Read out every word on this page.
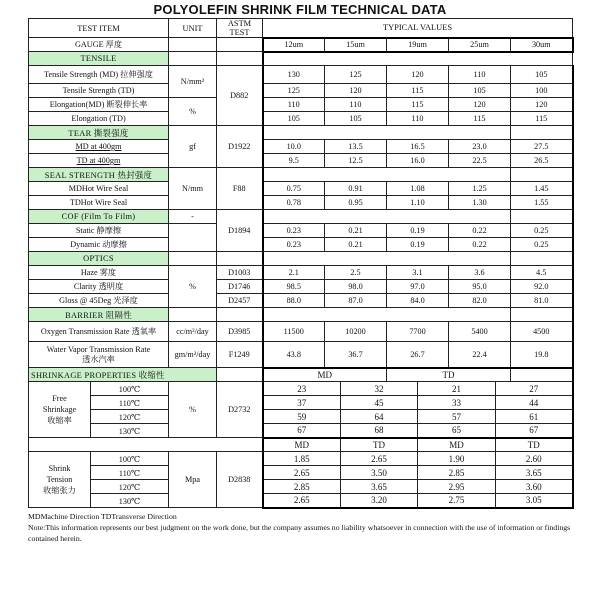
POLYOLEFIN SHRINK FILM TECHNICAL DATA
TEST ITEM	UNIT	ASTM TEST	TYPICAL VALUES				
GAUGE 厚度			12um	15um	19um	25um	30um
TENSILE							
Tensile Strength (MD) 拉伸强度	N/mm²	D882	130	125	120	110	105
Tensile Strength (TD)			125	120	115	105	100
Elongation(MD) 断裂伸长率	%		110	110	115	120	120
Elongation (TD)			105	105	110	115	115
TEAR 撕裂强度	gf	D1922					
MD at 400gm			10.0	13.5	16.5	23.0	27.5
TD at 400gm			9.5	12.5	16.0	22.5	26.5
SEAL STRENGTH 热封强度	N/mm	F88					
MDHot Wire Seal			0.75	0.91	1.08	1.25	1.45
TDHot Wire Seal			0.78	0.95	1.10	1.30	1.55
COF (Film To Film)	-	D1894					
Static 静摩擦			0.23	0.21	0.19	0.22	0.25
Dynamic 动摩擦			0.23	0.21	0.19	0.22	0.25
OPTICS							
Haze 雾度	%	D1003	2.1	2.5	3.1	3.6	4.5
Clarity 透明度		D1746	98.5	98.0	97.0	95.0	92.0
Gloss @ 45Deg 光泽度		D2457	88.0	87.0	84.0	82.0	81.0
BARRIER 阻隔性							
Oxygen Transmission Rate 透氧率	cc/m²/day	D3985	11500	10200	7700	5400	4500

Water Vapor Transmission Rate
透水汽率	gm/m²/day	F1249	43.8	36.7	26.7	22.4	19.8
SHRINKAGE PROPERTIES 收缩性			MD		TD		
Free
Shrinkage
收缩率	100℃	%	D2732	23	32	21	27
	110℃			37	45	33	44
	120℃			59	64	57	61
	130℃			67	68	65	67
				MD	TD	MD	TD

Shrink
Tension
收缩张力	100℃	Mpa	D2838	1.85	2.65	1.90	2.60
	110℃			2.65	3.50	2.85	3.65
	120℃			2.85	3.65	2.95	3.60
	130℃			2.65	3.20	2.75	3.05
MDMachine Direction TDTransverse Direction
Note:This information represents our best judgment on the work done, but the company assumes no liability whatsoever in connection with the use of information or findings contained herein.
